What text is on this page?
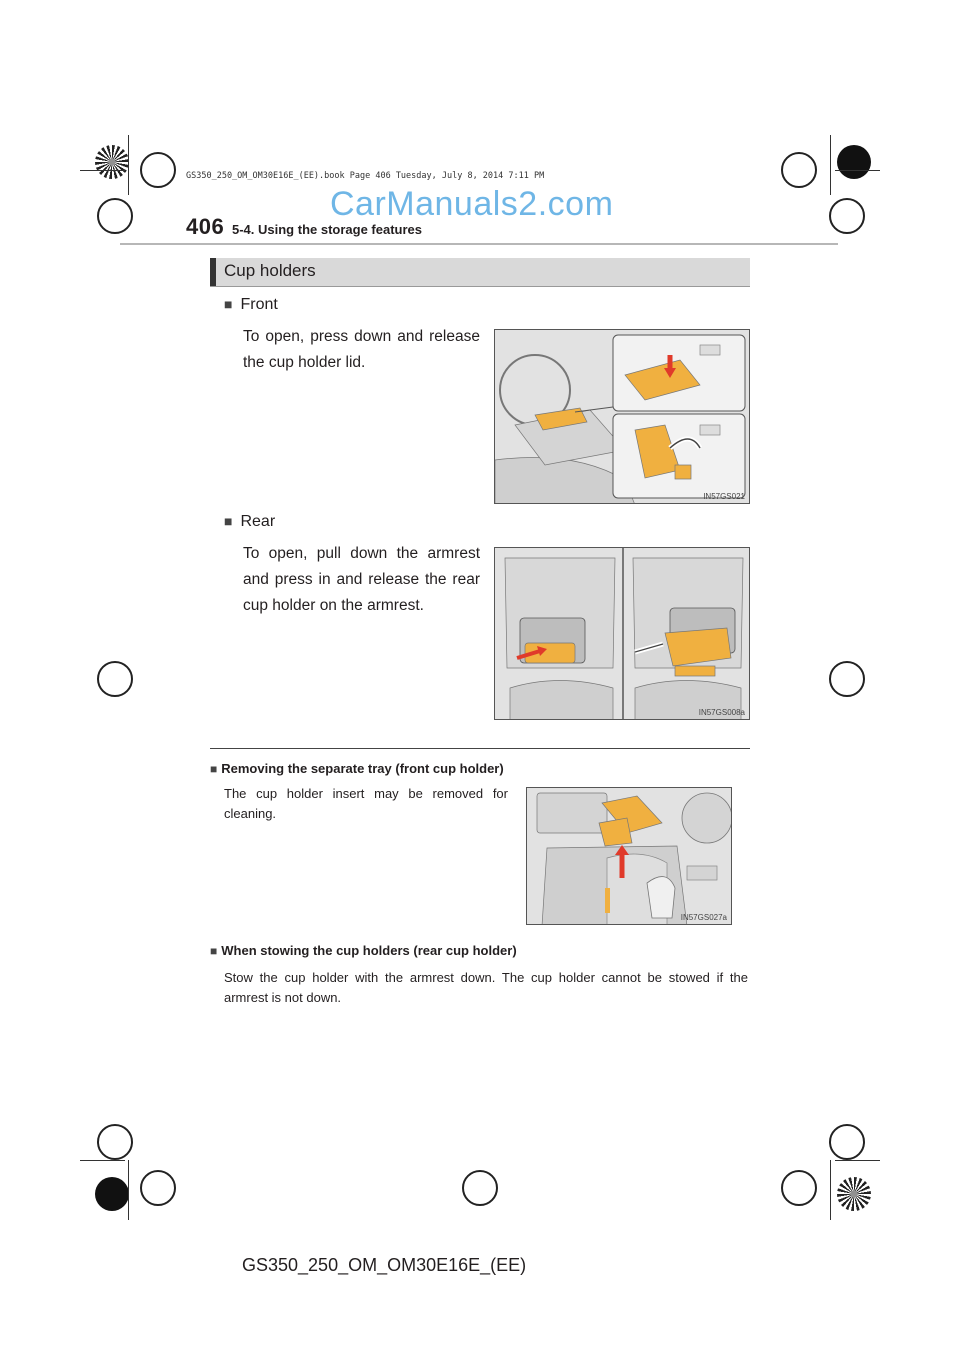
GS350_250_OM_OM30E16E_(EE).book Page 406 Tuesday, July 8, 2014 7:11 PM
CarManuals2.com
406 5-4. Using the storage features
Cup holders
■ Front
To open, press down and release the cup holder lid.
IN57GS021
■ Rear
To open, pull down the armrest and press in and release the rear cup holder on the armrest.
IN57GS008a
■ Removing the separate tray (front cup holder)
The cup holder insert may be removed for cleaning.
IN57GS027a
■ When stowing the cup holders (rear cup holder)
Stow the cup holder with the armrest down. The cup holder cannot be stowed if the armrest is not down.
GS350_250_OM_OM30E16E_(EE)
